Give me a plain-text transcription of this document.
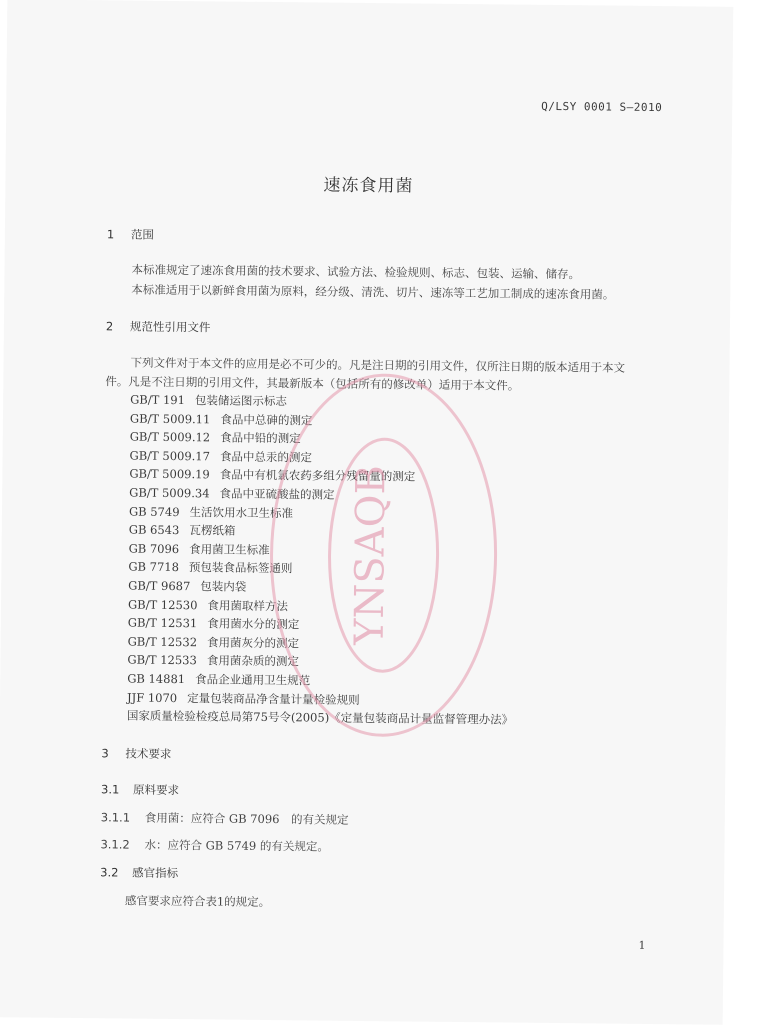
Q/LSY 0001 S—2010
速冻食用菌
1 范围
本标准规定了速冻食用菌的技术要求、试验方法、检验规则、标志、包装、运输、储存。
本标准适用于以新鲜食用菌为原料，经分级、清洗、切片、速冻等工艺加工制成的速冻食用菌。
2 规范性引用文件
下列文件对于本文件的应用是必不可少的。凡是注日期的引用文件，仅所注日期的版本适用于本文
件。凡是不注日期的引用文件，其最新版本（包括所有的修改单）适用于本文件。
GB/T 191 包装储运图示标志
GB/T 5009.11 食品中总砷的测定
GB/T 5009.12 食品中铅的测定
GB/T 5009.17 食品中总汞的测定
GB/T 5009.19 食品中有机氯农药多组分残留量的测定
GB/T 5009.34 食品中亚硫酸盐的测定
GB 5749 生活饮用水卫生标准
GB 6543 瓦楞纸箱
GB 7096 食用菌卫生标准
GB 7718 预包装食品标签通则
GB/T 9687 包装内袋
GB/T 12530 食用菌取样方法
GB/T 12531 食用菌水分的测定
GB/T 12532 食用菌灰分的测定
GB/T 12533 食用菌杂质的测定
GB 14881 食品企业通用卫生规范
JJF 1070 定量包装商品净含量计量检验规则
国家质量检验检疫总局第75号令(2005)《定量包装商品计量监督管理办法》
3 技术要求
3.1 原料要求
3.1.1 食用菌：应符合 GB 7096　的有关规定
3.1.2 水：应符合 GB 5749 的有关规定。
3.2 感官指标
感官要求应符合表1的规定。
1
YNSAQB
